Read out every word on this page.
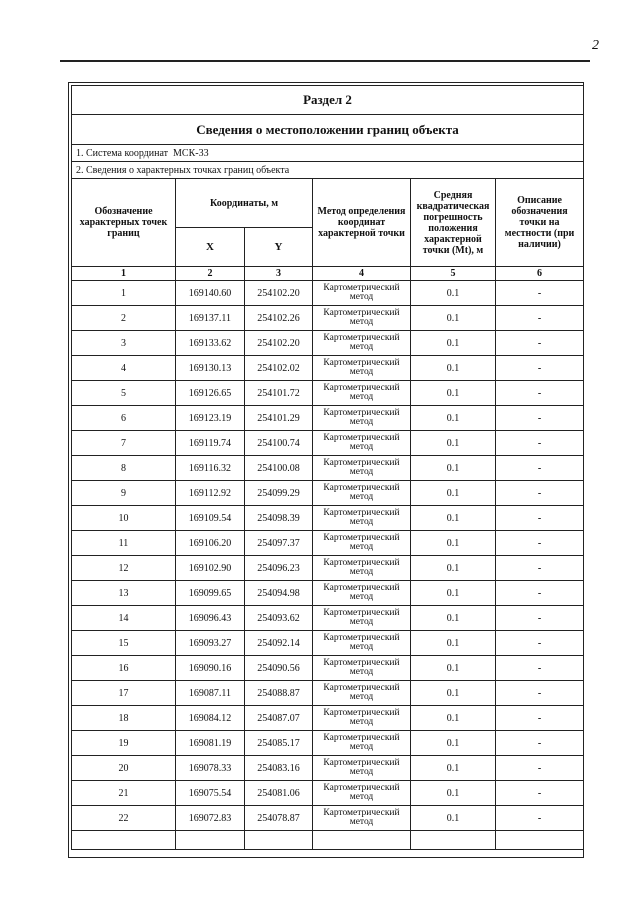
2
Раздел 2					
Сведения о местоположении границ объекта					
1. Система координат МСК-33					
2. Сведения о характерных точках границ объекта					
Обозначение характерных точек границ	Координаты, м		Метод определения координат характерной точки	Средняя квадратическая погрешность положения характерной точки (Mt), м	Описание обозначения точки на местности (при наличии)
	X	Y			
1	2	3	4	5	6
1	169140.60	254102.20	Картометрический метод	0.1	-
2	169137.11	254102.26	Картометрический метод	0.1	-
3	169133.62	254102.20	Картометрический метод	0.1	-
4	169130.13	254102.02	Картометрический метод	0.1	-
5	169126.65	254101.72	Картометрический метод	0.1	-
6	169123.19	254101.29	Картометрический метод	0.1	-
7	169119.74	254100.74	Картометрический метод	0.1	-
8	169116.32	254100.08	Картометрический метод	0.1	-
9	169112.92	254099.29	Картометрический метод	0.1	-
10	169109.54	254098.39	Картометрический метод	0.1	-
11	169106.20	254097.37	Картометрический метод	0.1	-
12	169102.90	254096.23	Картометрический метод	0.1	-
13	169099.65	254094.98	Картометрический метод	0.1	-
14	169096.43	254093.62	Картометрический метод	0.1	-
15	169093.27	254092.14	Картометрический метод	0.1	-
16	169090.16	254090.56	Картометрический метод	0.1	-
17	169087.11	254088.87	Картометрический метод	0.1	-
18	169084.12	254087.07	Картометрический метод	0.1	-
19	169081.19	254085.17	Картометрический метод	0.1	-
20	169078.33	254083.16	Картометрический метод	0.1	-
21	169075.54	254081.06	Картометрический метод	0.1	-
22	169072.83	254078.87	Картометрический метод	0.1	-
